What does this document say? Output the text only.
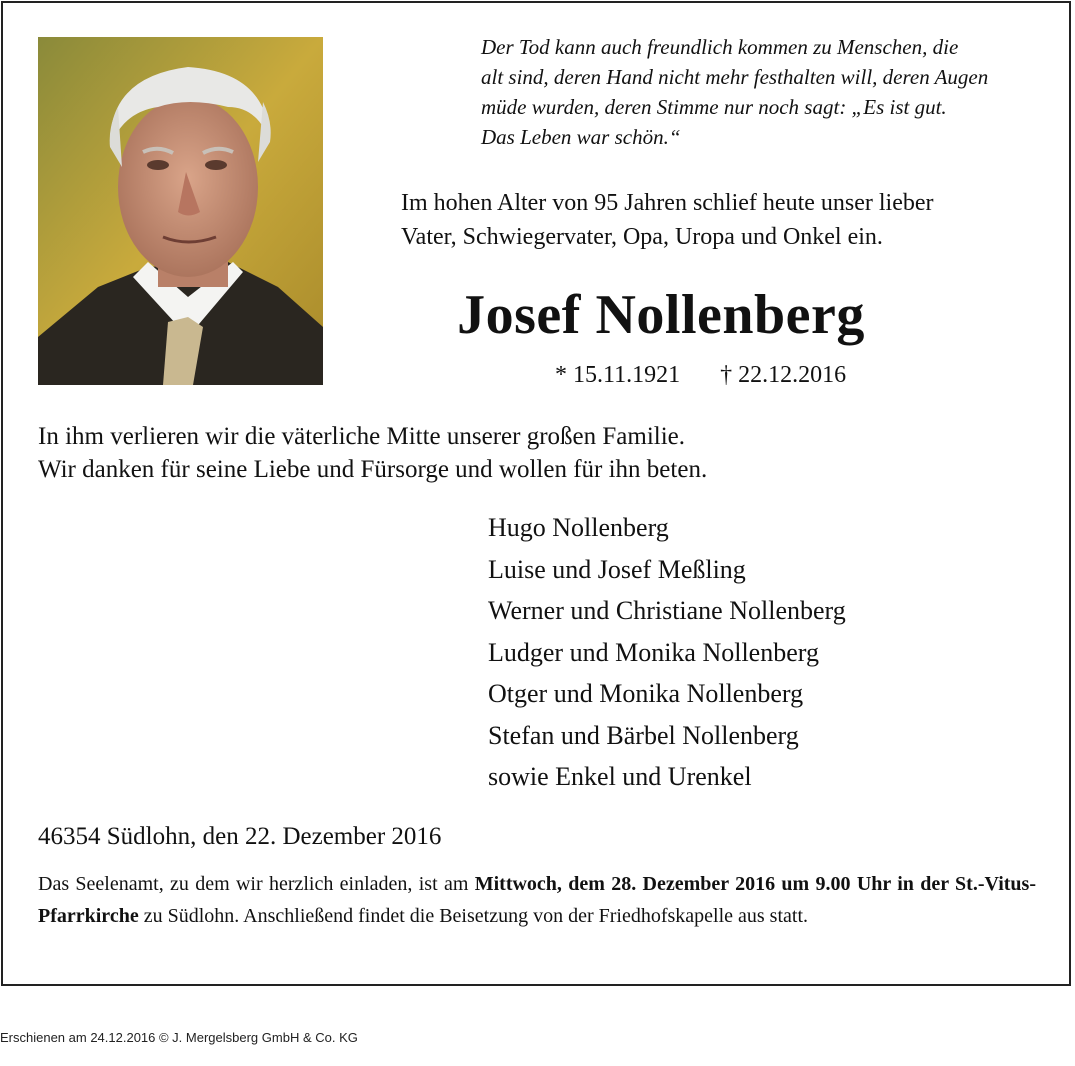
Der Tod kann auch freundlich kommen zu Menschen, die
alt sind, deren Hand nicht mehr festhalten will, deren Augen
müde wurden, deren Stimme nur noch sagt: „Es ist gut.
Das Leben war schön.“
Im hohen Alter von 95 Jahren schlief heute unser lieber
Vater, Schwiegervater, Opa, Uropa und Onkel ein.
Josef Nollenberg
* 15.11.1921 † 22.12.2016
In ihm verlieren wir die väterliche Mitte unserer großen Familie.
Wir danken für seine Liebe und Fürsorge und wollen für ihn beten.
Hugo Nollenberg
Luise und Josef Meßling
Werner und Christiane Nollenberg
Ludger und Monika Nollenberg
Otger und Monika Nollenberg
Stefan und Bärbel Nollenberg
sowie Enkel und Urenkel
46354 Südlohn, den 22. Dezember 2016
Das Seelenamt, zu dem wir herzlich einladen, ist am Mittwoch, dem 28. Dezember 2016 um 9.00 Uhr in der St.-Vitus-Pfarrkirche zu Südlohn. Anschließend findet die Beisetzung von der Friedhofskapelle aus statt.
Erschienen am 24.12.2016 © J. Mergelsberg GmbH & Co. KG
